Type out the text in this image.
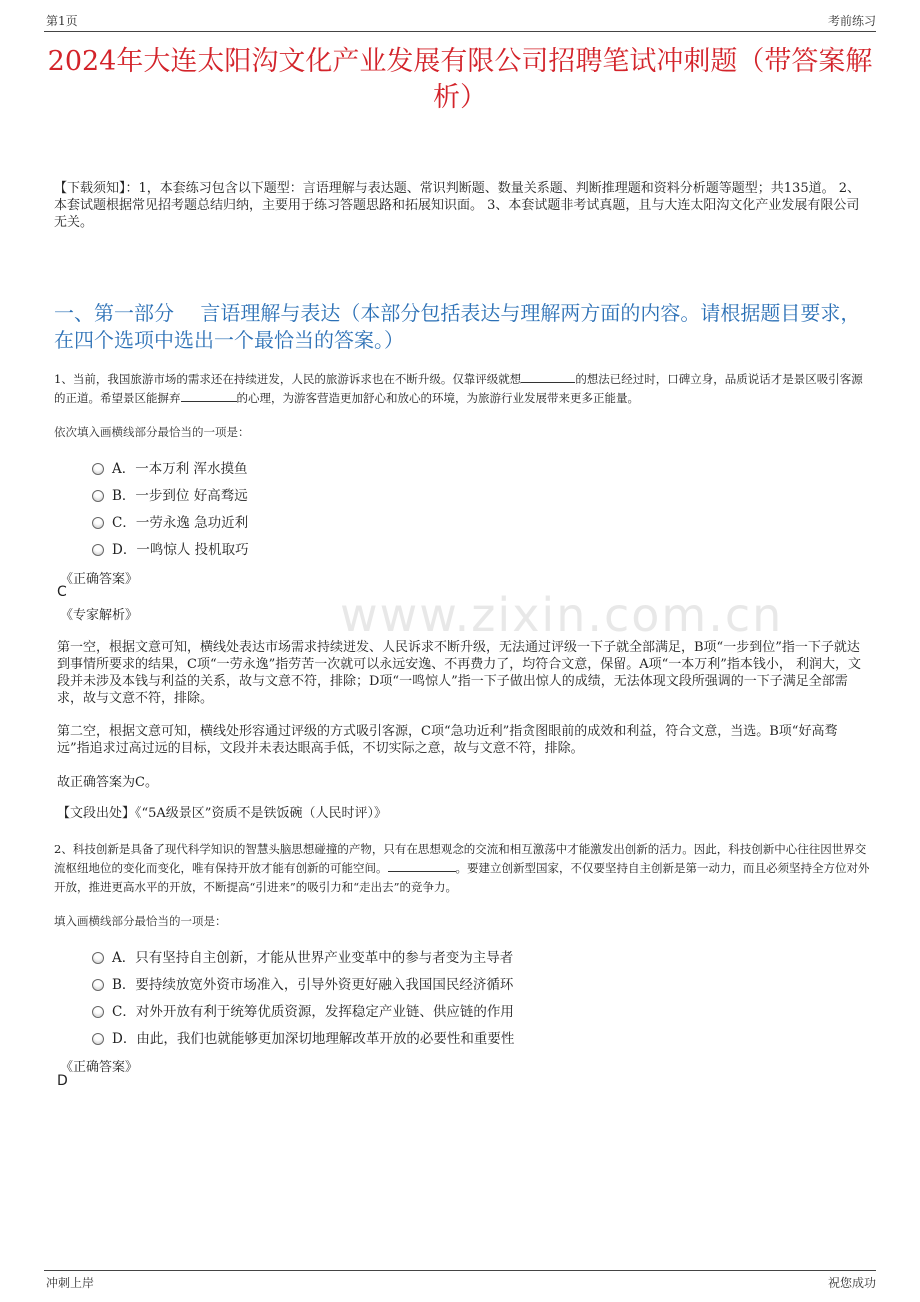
第1页	考前练习
www.zixin.com.cn
2024年大连太阳沟文化产业发展有限公司招聘笔试冲刺题（带答案解析）
【下载须知】：1，本套练习包含以下题型：言语理解与表达题、常识判断题、数量关系题、判断推理题和资料分析题等题型；共135道。 2、本套试题根据常见招考题总结归纳，主要用于练习答题思路和拓展知识面。 3、本套试题非考试真题，且与大连太阳沟文化产业发展有限公司无关。
一、第一部分　 言语理解与表达（本部分包括表达与理解两方面的内容。请根据题目要求，在四个选项中选出一个最恰当的答案。）
1、当前，我国旅游市场的需求还在持续迸发，人民的旅游诉求也在不断升级。仅靠评级就想	的想法已经过时，口碑立身，品质说话才是景区吸引客源的正道。希望景区能摒弃	的心理，为游客营造更加舒心和放心的环境，为旅游行业发展带来更多正能量。
依次填入画横线部分最恰当的一项是：
A．一本万利 浑水摸鱼
B．一步到位 好高骛远
C．一劳永逸 急功近利
D．一鸣惊人 投机取巧
《正确答案》
C
《专家解析》
第一空，根据文意可知，横线处表达市场需求持续迸发、人民诉求不断升级，无法通过评级一下子就全部满足，B项“一步到位”指一下子就达到事情所要求的结果，C项“一劳永逸”指劳苦一次就可以永远安逸、不再费力了，均符合文意，保留。A项“一本万利”指本钱小， 利润大，文段并未涉及本钱与利益的关系，故与文意不符，排除；D项“一鸣惊人”指一下子做出惊人的成绩，无法体现文段所强调的一下子满足全部需求，故与文意不符，排除。
第二空，根据文意可知，横线处形容通过评级的方式吸引客源，C项“急功近利”指贪图眼前的成效和利益，符合文意，当选。B项“好高骛远”指追求过高过远的目标，文段并未表达眼高手低，不切实际之意，故与文意不符，排除。
故正确答案为C。
【文段出处】《“5A级景区”资质不是铁饭碗（人民时评）》
2、科技创新是具备了现代科学知识的智慧头脑思想碰撞的产物，只有在思想观念的交流和相互激荡中才能激发出创新的活力。因此，科技创新中心往往因世界交流枢纽地位的变化而变化，唯有保持开放才能有创新的可能空间。	。要建立创新型国家，不仅要坚持自主创新是第一动力，而且必须坚持全方位对外开放，推进更高水平的开放，不断提高“引进来”的吸引力和“走出去”的竞争力。
填入画横线部分最恰当的一项是：
A．只有坚持自主创新，才能从世界产业变革中的参与者变为主导者
B．要持续放宽外资市场准入，引导外资更好融入我国国民经济循环
C．对外开放有利于统筹优质资源，发挥稳定产业链、供应链的作用
D．由此，我们也就能够更加深切地理解改革开放的必要性和重要性
《正确答案》
D
冲刺上岸	祝您成功
